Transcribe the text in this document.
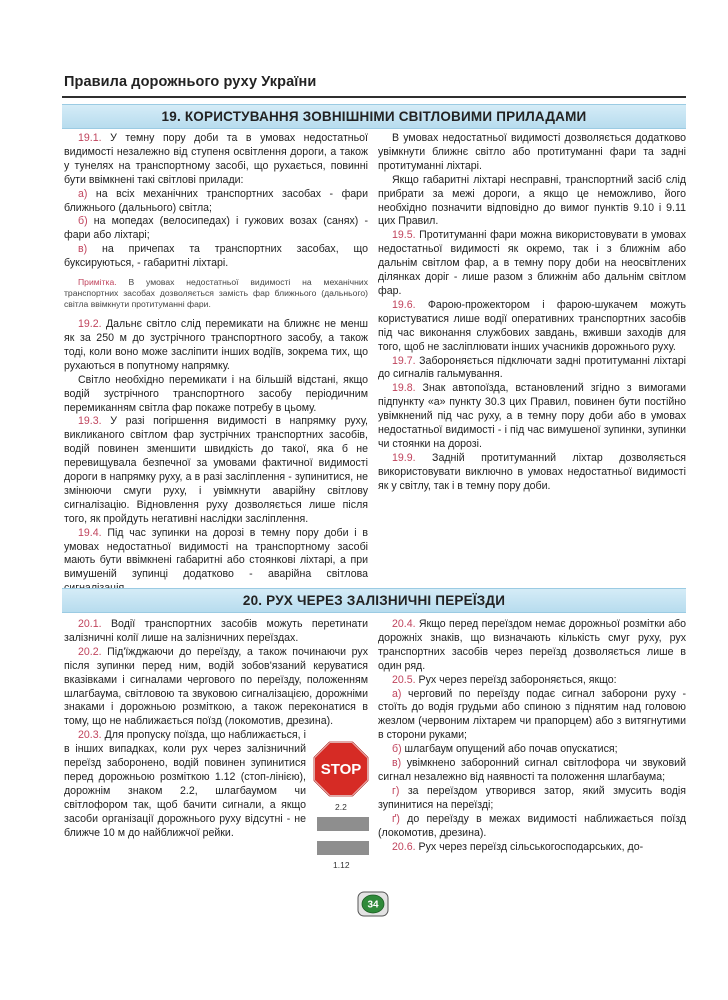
Правила дорожнього руху України
19. КОРИСТУВАННЯ ЗОВНІШНІМИ СВІТЛОВИМИ ПРИЛАДАМИ

19.1. У темну пору доби та в умовах недостатньої видимості незалежно від ступеня освітлення дороги, а також у тунелях на транспортному засобі, що рухається, повинні бути ввімкнені такі світлові прилади:

а) на всіх механічних транспортних засобах - фари ближнього (дальнього) світла;

б) на мопедах (велосипедах) і гужових возах (санях) - фари або ліхтарі;

в) на причепах та транспортних засобах, що буксируються, - габаритні ліхтарі.

Примітка. В умовах недостатньої видимості на механічних транспортних засобах дозволяється замість фар ближнього (дальнього) світла ввімкнути протитуманні фари.

19.2. Дальнє світло слід перемикати на ближнє не менш як за 250 м до зустрічного транспортного засобу, а також тоді, коли воно може засліпити інших водіїв, зокрема тих, що рухаються в попутному напрямку.

Світло необхідно перемикати і на більшій відстані, якщо водій зустрічного транспортного засобу періодичним перемиканням світла фар покаже потребу в цьому.

19.3. У разі погіршення видимості в напрямку руху, викликаного світлом фар зустрічних транспортних засобів, водій повинен зменшити швидкість до такої, яка б не перевищувала безпечної за умовами фактичної видимості дороги в напрямку руху, а в разі засліплення - зупинитися, не змінюючи смуги руху, і увімкнути аварійну світлову сигналізацію. Відновлення руху дозволяється лише після того, як пройдуть негативні наслідки засліплення.

19.4. Під час зупинки на дорозі в темну пору доби і в умовах недостатньої видимості на транспортному засобі мають бути ввімкнені габаритні або стоянкові ліхтарі, а при вимушеній зупинці додатково - аварійна світлова

В умовах недостатньої видимості дозволяється додатково увімкнути ближнє світло або протитуманні фари та задні протитуманні ліхтарі.

Якщо габаритні ліхтарі несправні, транспортний засіб слід прибрати за межі дороги, а якщо це неможливо, його необхідно позначити відповідно до вимог пунктів 9.10 і 9.11 цих Правил.

19.5. Протитуманні фари можна використовувати в умовах недостатньої видимості як окремо, так і з ближнім або дальнім світлом фар, а в темну пору доби на неосвітлених ділянках доріг - лише разом з ближнім або дальнім світлом фар.

19.6. Фарою-прожектором і фарою-шукачем можуть користуватися лише водії оперативних транспортних засобів під час виконання службових завдань, вживши заходів для того, щоб не засліплювати інших учасників дорожнього руху.

19.7. Забороняється підключати задні протитуманні ліхтарі до сигналів гальмування.

19.8. Знак автопоїзда, встановлений згідно з вимогами підпункту «а» пункту 30.3 цих Правил, повинен бути постійно увімкнений під час руху, а в темну пору доби або в умовах недостатньої видимості - і під час вимушеної зупинки, зупинки чи стоянки на дорозі.

19.9. Задній протитуманний ліхтар дозволяється використовувати виключно в умовах недостатньої видимості як у світлу, так і в темну пору доби.

20. РУХ ЧЕРЕЗ ЗАЛІЗНИЧНІ ПЕРЕЇЗДИ

20.1. Водії транспортних засобів можуть перетинати залізничні колії лише на залізничних переїздах.

20.2. Під'їжджаючи до переїзду, а також починаючи рух після зупинки перед ним, водій зобов'язаний керуватися вказівками і сигналами чергового по переїзду, положенням шлагбаума, світловою та звуковою сигналізацією, дорожніми знаками і дорожньою розміткою, а також переконатися в тому, що не наближається поїзд (локомотив, дрезина).

20.3. Для пропуску поїзда, що наближається, і в інших випадках, коли рух через залізничний переїзд заборонено, водій повинен зупинитися перед дорожньою розміткою 1.12 (стоп-лінією), дорожнім знаком 2.2, шлагбаумом чи світлофором так, щоб бачити сигнали, а якщо засоби організації дорожнього руху відсутні - не ближче 10 м до найближчої рейки.

STOP
2.2
1.12

20.4. Якщо перед переїздом немає дорожньої розмітки або дорожніх знаків, що визначають кількість смуг руху, рух транспортних засобів через переїзд дозволяється лише в один ряд.

20.5. Рух через переїзд забороняється, якщо:

а) черговий по переїзду подає сигнал заборони руху - стоїть до водія грудьми або спиною з піднятим над головою жезлом (червоним ліхтарем чи прапорцем) або з витягнутими в сторони руками;

б) шлагбаум опущений або почав опускатися;

в) увімкнено заборонний сигнал світлофора чи звуковий сигнал незалежно від наявності та положення шлагбаума;

г) за переїздом утворився затор, який змусить водія зупинитися на переїзді;

ґ) до переїзду в межах видимості наближається поїзд (локомотив, дрезина).

20.6. Рух через переїзд сільськогосподарських, до-

34
